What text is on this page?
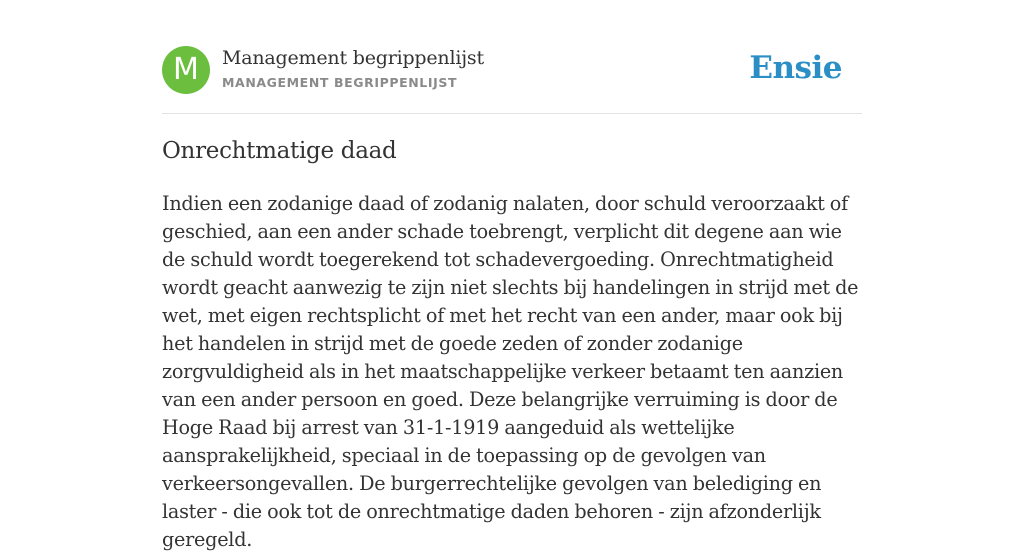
M	Management begrippenlijst
MANAGEMENT BEGRIPPENLIJST	Ensie
Onrechtmatige daad

Indien een zodanige daad of zodanig nalaten, door schuld veroorzaakt of geschied, aan een ander schade toebrengt, verplicht dit degene aan wie de schuld wordt toegerekend tot schadevergoeding. Onrechtmatigheid wordt geacht aanwezig te zijn niet slechts bij handelingen in strijd met de wet, met eigen rechtsplicht of met het recht van een ander, maar ook bij het handelen in strijd met de goede zeden of zonder zodanige zorgvuldigheid als in het maatschappelijke verkeer betaamt ten aanzien van een ander persoon en goed. Deze belangrijke verruiming is door de Hoge Raad bij arrest van 31-1-1919 aangeduid als wettelijke aansprakelijkheid, speciaal in de toepassing op de gevolgen van verkeersongevallen. De burgerrechtelijke gevolgen van belediging en laster - die ook tot de onrechtmatige daden behoren - zijn afzonderlijk geregeld.
